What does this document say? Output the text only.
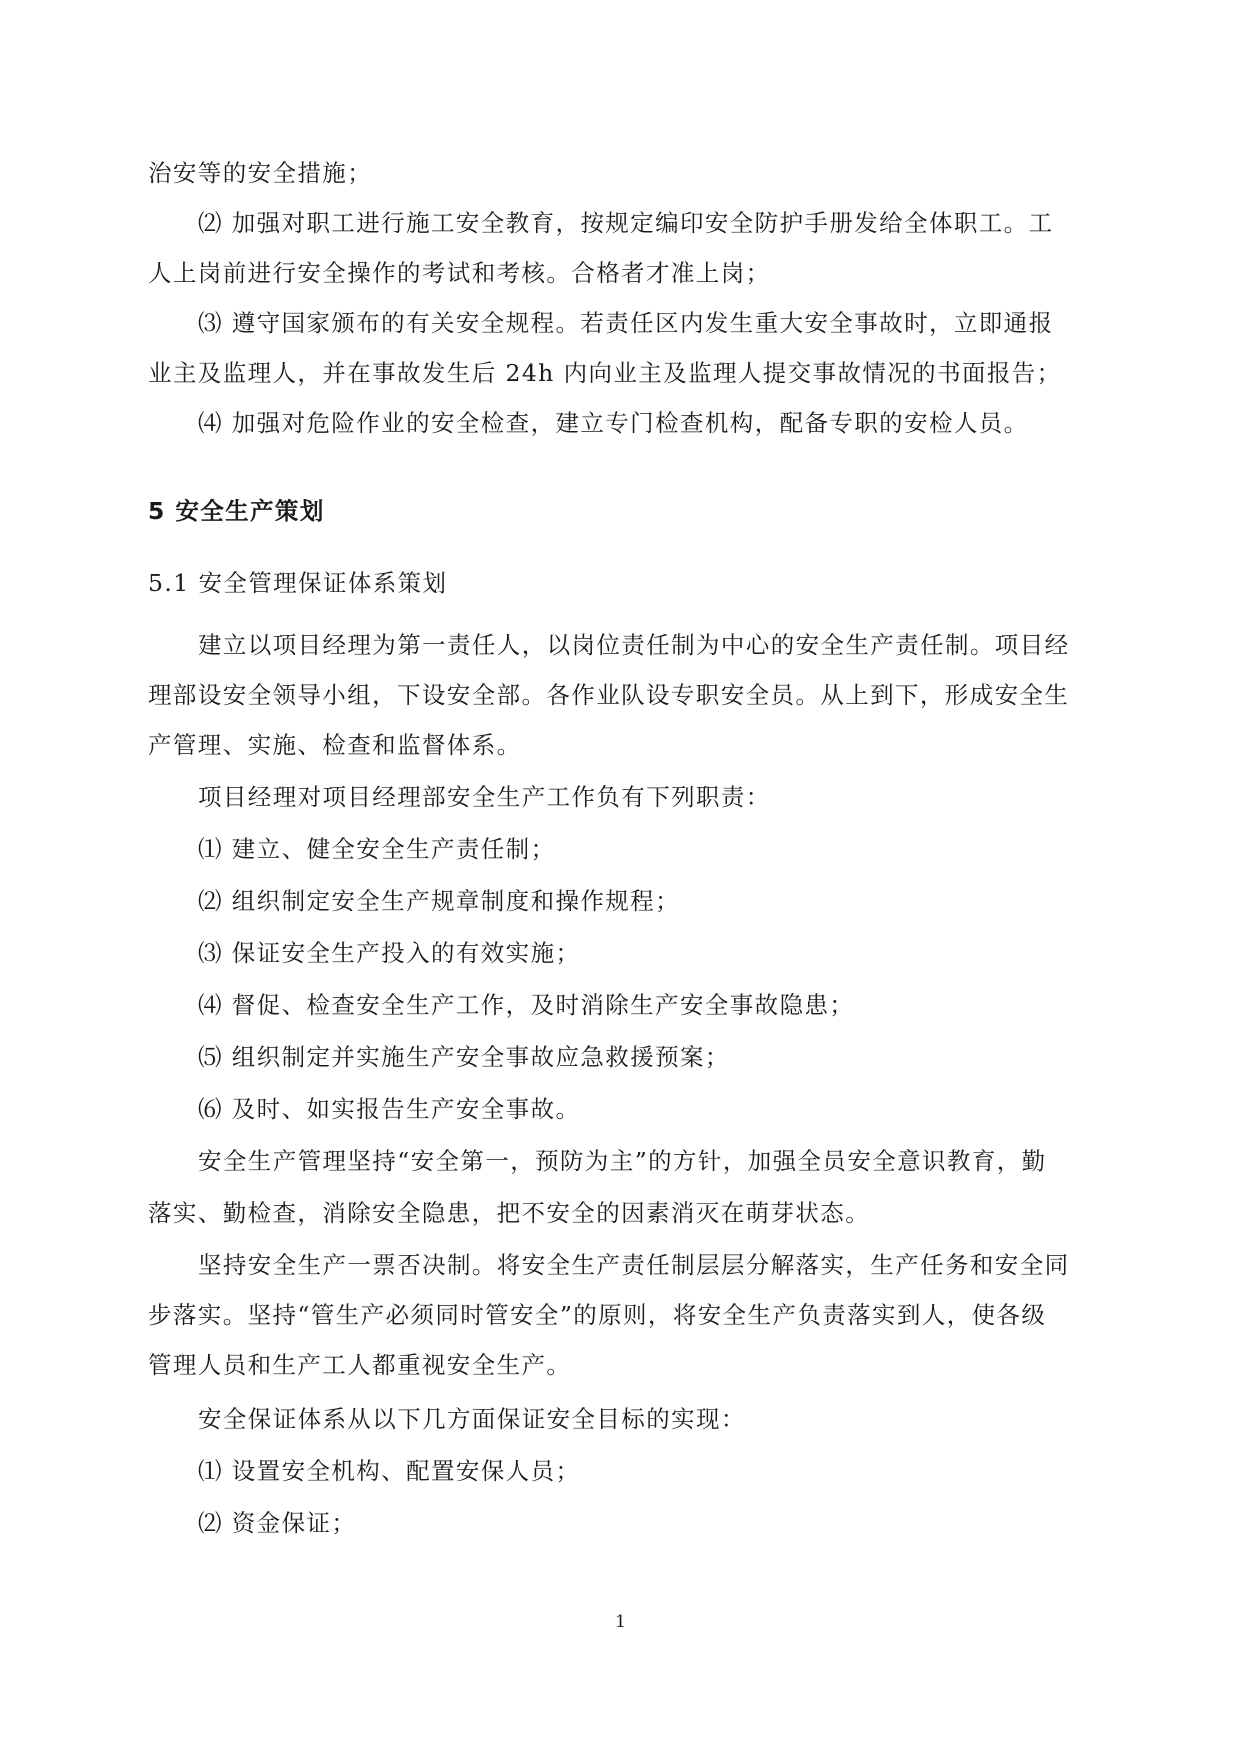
治安等的安全措施；
⑵ 加强对职工进行施工安全教育，按规定编印安全防护手册发给全体职工。工
人上岗前进行安全操作的考试和考核。合格者才准上岗；
⑶ 遵守国家颁布的有关安全规程。若责任区内发生重大安全事故时，立即通报
业主及监理人，并在事故发生后 24h 内向业主及监理人提交事故情况的书面报告；
⑷ 加强对危险作业的安全检查，建立专门检查机构，配备专职的安检人员。
5 安全生产策划
5.1 安全管理保证体系策划
建立以项目经理为第一责任人，以岗位责任制为中心的安全生产责任制。项目经
理部设安全领导小组，下设安全部。各作业队设专职安全员。从上到下，形成安全生
产管理、实施、检查和监督体系。
项目经理对项目经理部安全生产工作负有下列职责：
⑴ 建立、健全安全生产责任制；
⑵ 组织制定安全生产规章制度和操作规程；
⑶ 保证安全生产投入的有效实施；
⑷ 督促、检查安全生产工作，及时消除生产安全事故隐患；
⑸ 组织制定并实施生产安全事故应急救援预案；
⑹ 及时、如实报告生产安全事故。
安全生产管理坚持“安全第一，预防为主”的方针，加强全员安全意识教育，勤
落实、勤检查，消除安全隐患，把不安全的因素消灭在萌芽状态。
坚持安全生产一票否决制。将安全生产责任制层层分解落实，生产任务和安全同
步落实。坚持“管生产必须同时管安全”的原则，将安全生产负责落实到人，使各级
管理人员和生产工人都重视安全生产。
安全保证体系从以下几方面保证安全目标的实现：
⑴ 设置安全机构、配置安保人员；
⑵ 资金保证；
1
